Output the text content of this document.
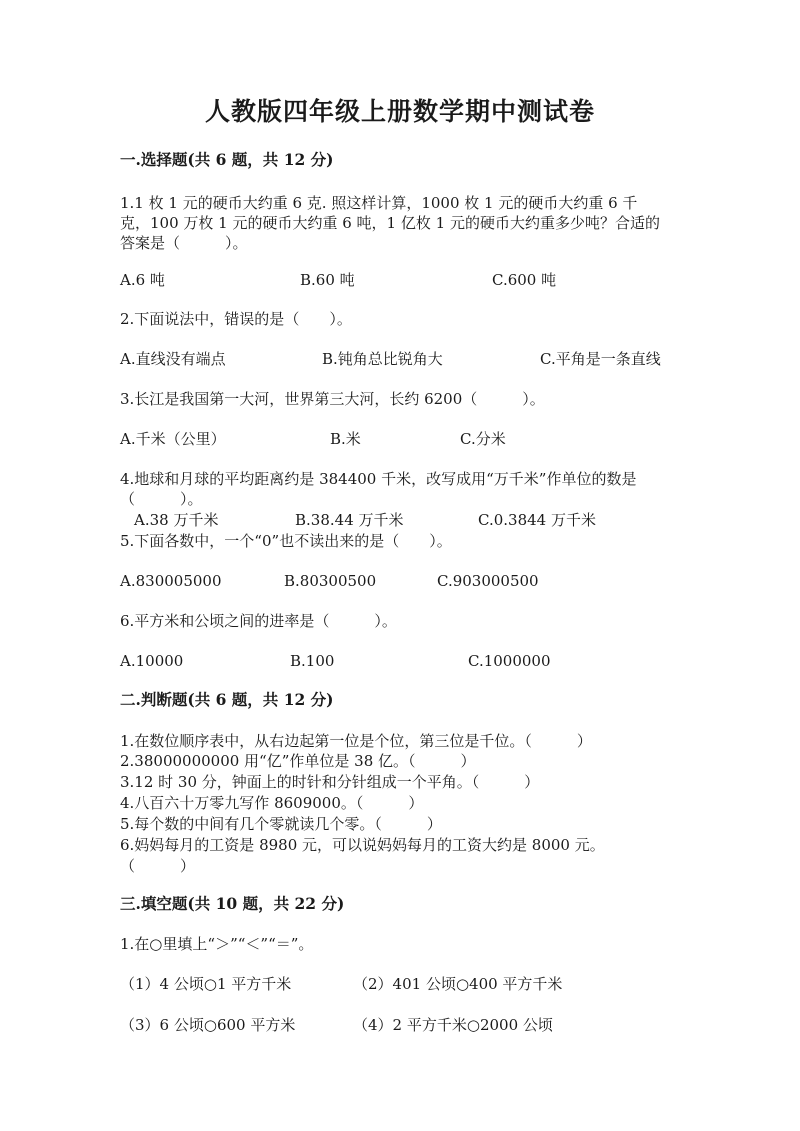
人教版四年级上册数学期中测试卷
一.选择题(共 6 题，共 12 分)
1.1 枚 1 元的硬币大约重 6 克. 照这样计算，1000 枚 1 元的硬币大约重 6 千
克，100 万枚 1 元的硬币大约重 6 吨，1 亿枚 1 元的硬币大约重多少吨？合适的
答案是（　　　）。
A.6 吨	B.60 吨	C.600 吨
2.下面说法中，错误的是（　　）。
A.直线没有端点	B.钝角总比锐角大	C.平角是一条直线
3.长江是我国第一大河，世界第三大河，长约 6200（　　　）。
A.千米（公里）	B.米	C.分米
4.地球和月球的平均距离约是 384400 千米，改写成用“万千米”作单位的数是
（　　　）。
A.38 万千米	B.38.44 万千米	C.0.3844 万千米
5.下面各数中，一个“0”也不读出来的是（　　）。
A.830005000	B.80300500	C.903000500
6.平方米和公顷之间的进率是（　　　）。
A.10000	B.100	C.1000000
二.判断题(共 6 题，共 12 分)
1.在数位顺序表中，从右边起第一位是个位，第三位是千位。（　　　）
2.38000000000 用“亿”作单位是 38 亿。（　　　）
3.12 时 30 分，钟面上的时针和分针组成一个平角。（　　　）
4.八百六十万零九写作 8609000。（　　　）
5.每个数的中间有几个零就读几个零。（　　　）
6.妈妈每月的工资是 8980 元，可以说妈妈每月的工资大约是 8000 元。
（　　　）
三.填空题(共 10 题，共 22 分)
1.在○里填上“＞”“＜”“＝”。
（1）4 公顷○1 平方千米	（2）401 公顷○400 平方千米
（3）6 公顷○600 平方米	（4）2 平方千米○2000 公顷
